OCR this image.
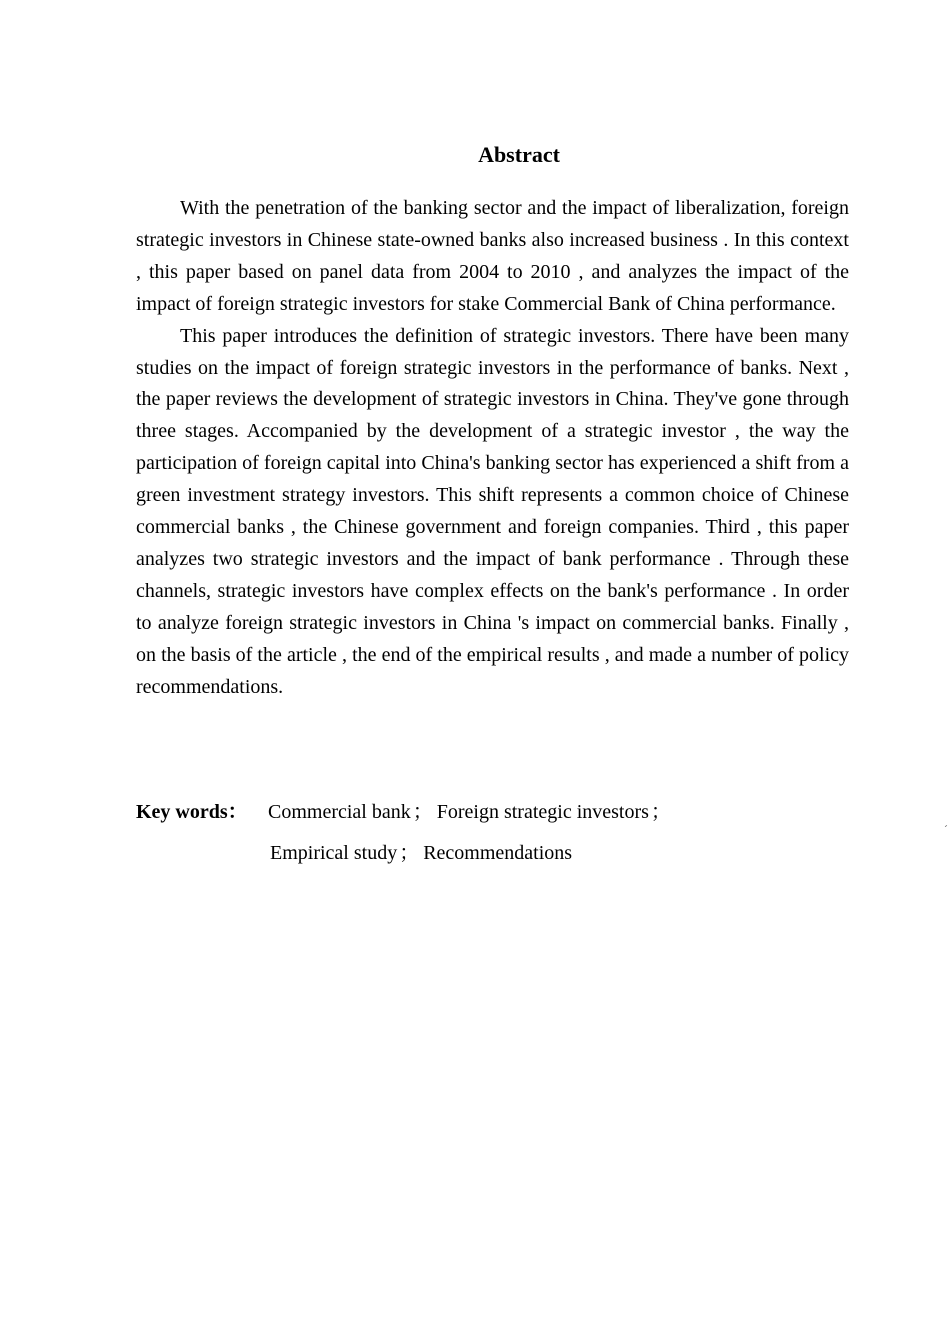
Abstract

With the penetration of the banking sector and the impact of liberalization, foreign strategic investors in Chinese state-owned banks also increased business . In this context , this paper based on panel data from 2004 to 2010 , and analyzes the impact of the impact of foreign strategic investors for stake Commercial Bank of China performance.

This paper introduces the definition of strategic investors. There have been many studies on the impact of foreign strategic investors in the performance of banks. Next , the paper reviews the development of strategic investors in China. They've gone through three stages. Accompanied by the development of a strategic investor , the way the participation of foreign capital into China's banking sector has experienced a shift from a green investment strategy investors. This shift represents a common choice of Chinese commercial banks , the Chinese government and foreign companies. Third , this paper analyzes two strategic investors and the impact of bank performance . Through these channels, strategic investors have complex effects on the bank's performance . In order to analyze foreign strategic investors in China 's impact on commercial banks. Finally , on the basis of the article , the end of the empirical results , and made a number of policy recommendations.

Key words： Commercial bank ； Foreign strategic investors ；
Empirical study ； Recommendations
ˊ
